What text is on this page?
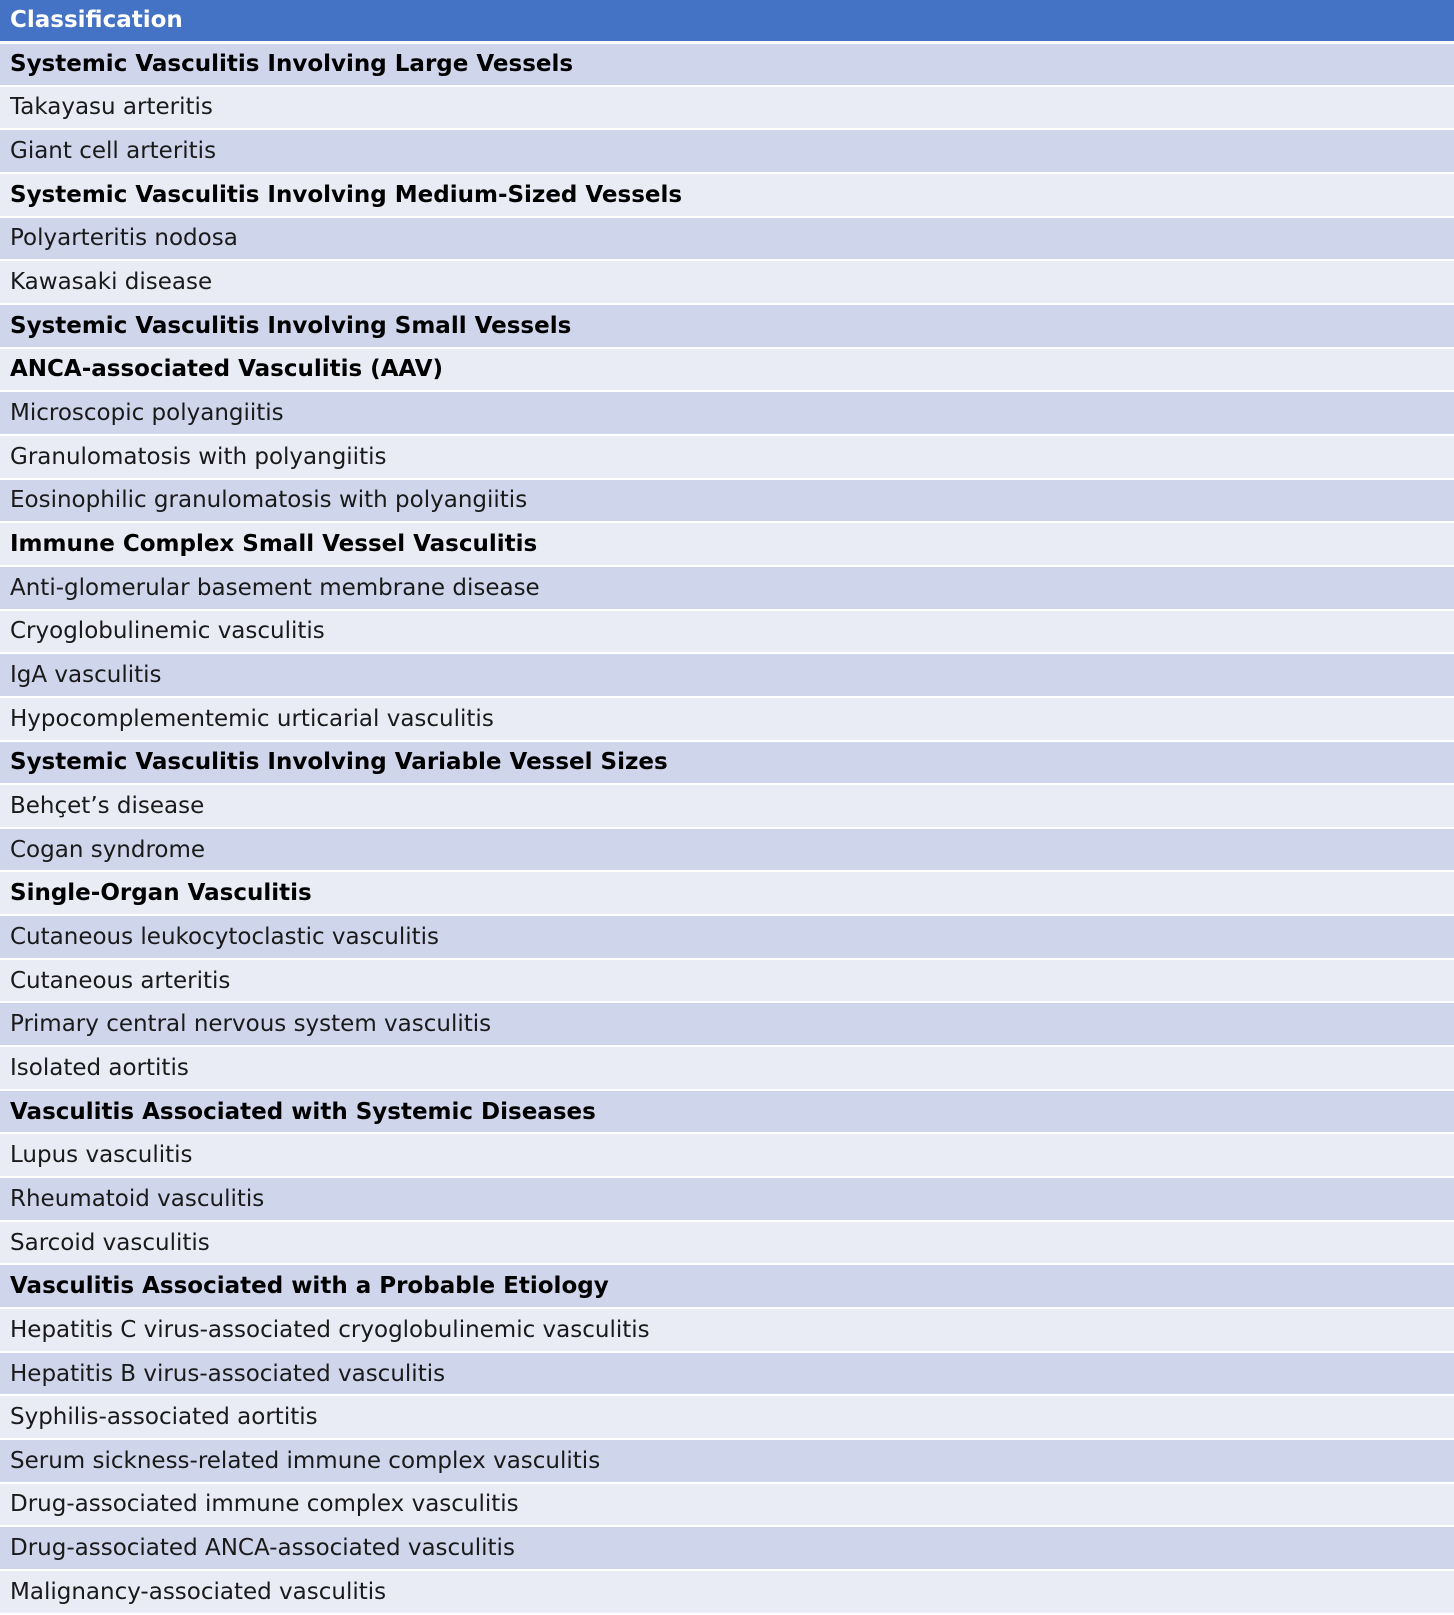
Classification
Systemic Vasculitis Involving Large Vessels
Takayasu arteritis
Giant cell arteritis
Systemic Vasculitis Involving Medium-Sized Vessels
Polyarteritis nodosa
Kawasaki disease
Systemic Vasculitis Involving Small Vessels
ANCA-associated Vasculitis (AAV)
Microscopic polyangiitis
Granulomatosis with polyangiitis
Eosinophilic granulomatosis with polyangiitis
Immune Complex Small Vessel Vasculitis
Anti-glomerular basement membrane disease
Cryoglobulinemic vasculitis
IgA vasculitis
Hypocomplementemic urticarial vasculitis
Systemic Vasculitis Involving Variable Vessel Sizes
Behçet’s disease
Cogan syndrome
Single-Organ Vasculitis
Cutaneous leukocytoclastic vasculitis
Cutaneous arteritis
Primary central nervous system vasculitis
Isolated aortitis
Vasculitis Associated with Systemic Diseases
Lupus vasculitis
Rheumatoid vasculitis
Sarcoid vasculitis
Vasculitis Associated with a Probable Etiology
Hepatitis C virus-associated cryoglobulinemic vasculitis
Hepatitis B virus-associated vasculitis
Syphilis-associated aortitis
Serum sickness-related immune complex vasculitis
Drug-associated immune complex vasculitis
Drug-associated ANCA-associated vasculitis
Malignancy-associated vasculitis
